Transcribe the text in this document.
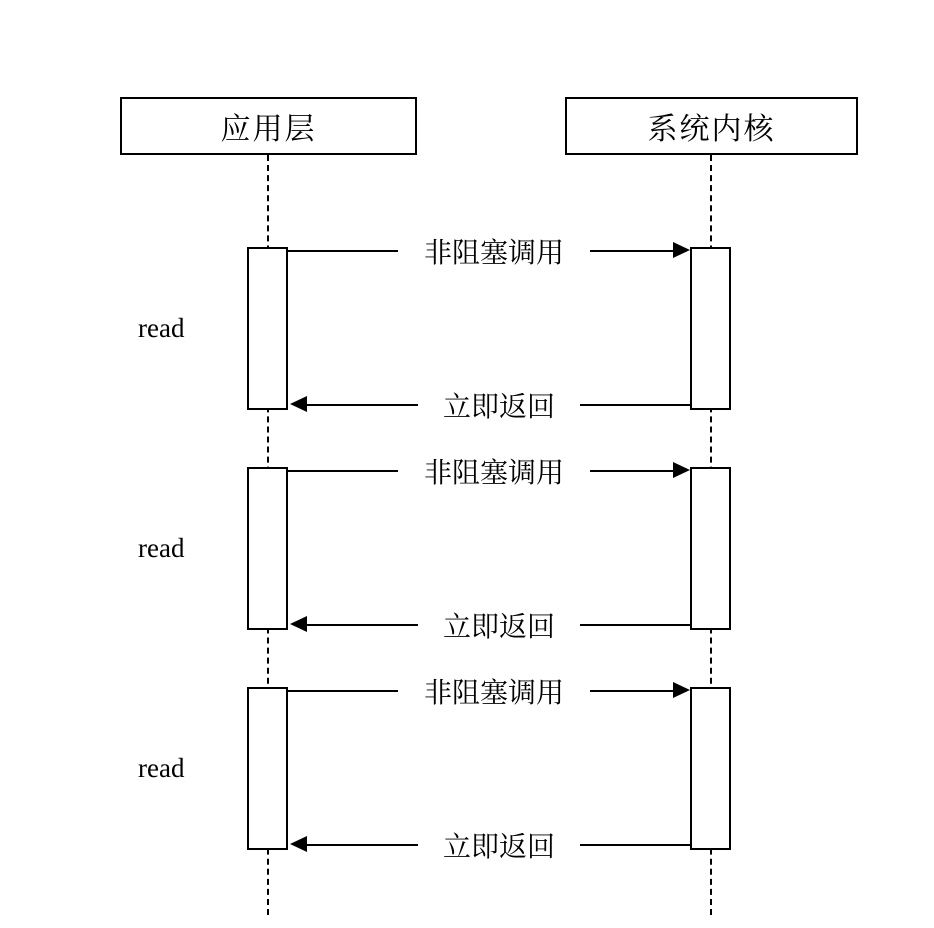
应用层	系统内核
非阻塞调用
立即返回
read
非阻塞调用
立即返回
read
非阻塞调用
立即返回
read
